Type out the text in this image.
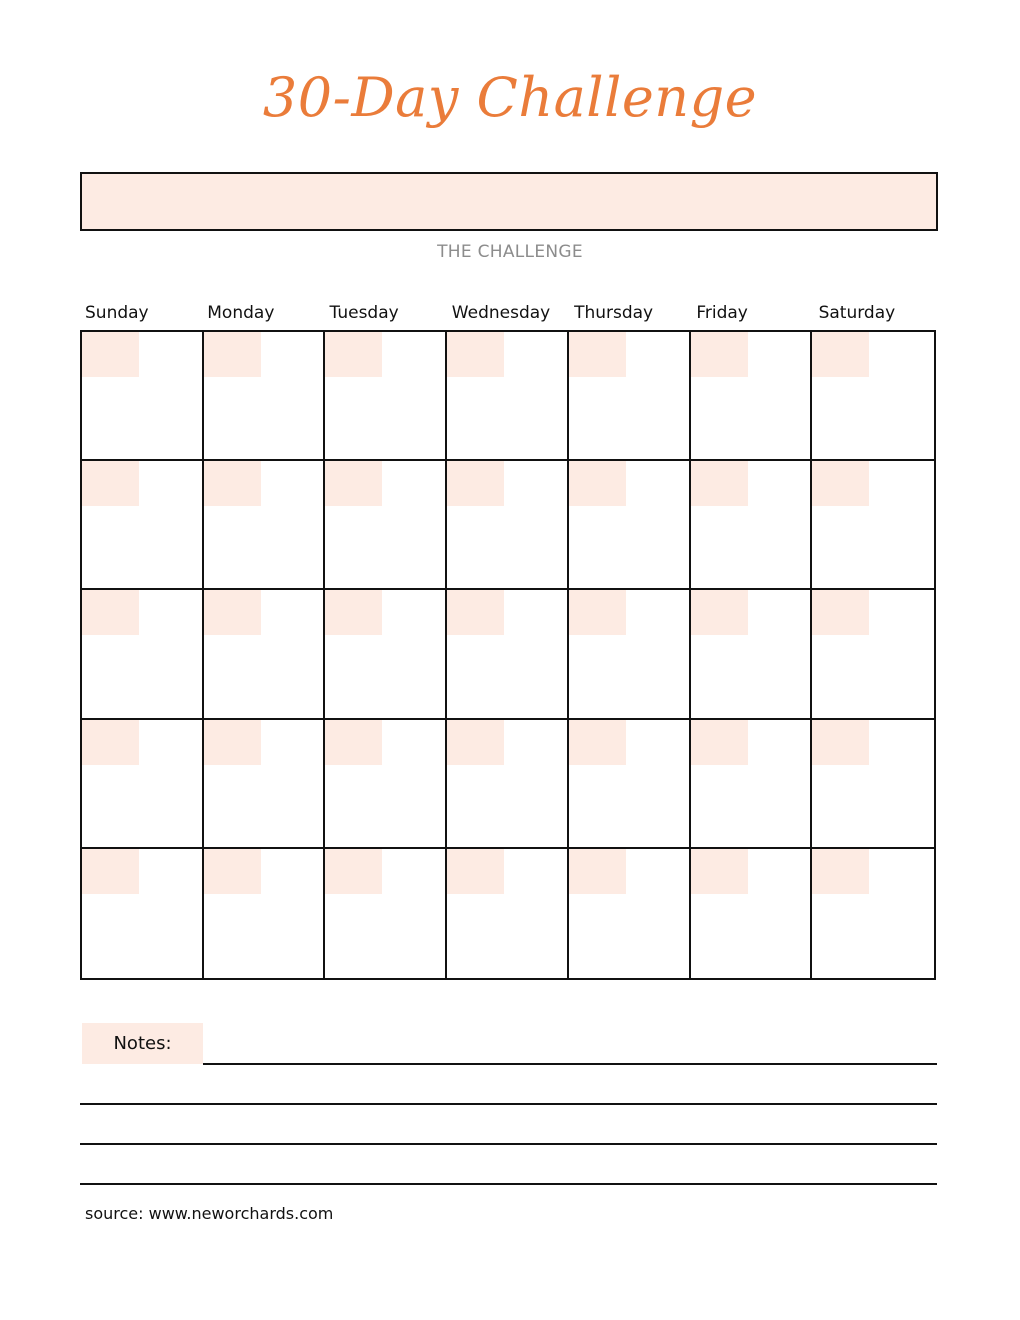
30-Day Challenge
THE CHALLENGE
Sunday	Monday	Tuesday	Wednesday	Thursday	Friday	Saturday
Notes:
source: www.neworchards.com
